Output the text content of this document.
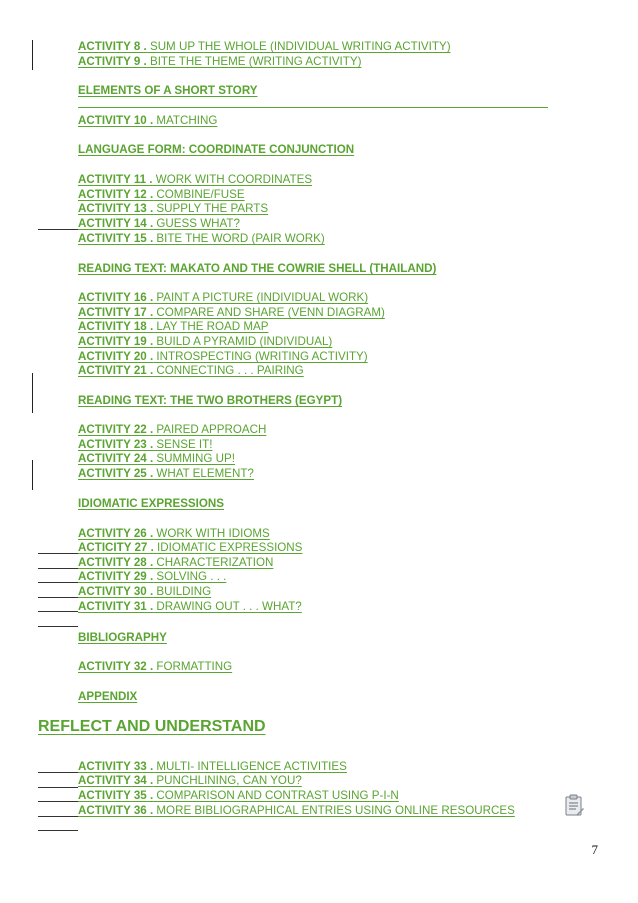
ACTIVITY 8 . SUM UP THE WHOLE (INDIVIDUAL WRITING ACTIVITY)
ACTIVITY 9 . BITE THE THEME (WRITING ACTIVITY)
ELEMENTS OF A SHORT STORY
ACTIVITY 10 . MATCHING
LANGUAGE FORM: COORDINATE CONJUNCTION
ACTIVITY 11 . WORK WITH COORDINATES
ACTIVITY 12 . COMBINE/FUSE
ACTIVITY 13 . SUPPLY THE PARTS
ACTIVITY 14 . GUESS WHAT?
ACTIVITY 15 . BITE THE WORD (PAIR WORK)
READING TEXT: MAKATO AND THE COWRIE SHELL (THAILAND)
ACTIVITY 16 . PAINT A PICTURE (INDIVIDUAL WORK)
ACTIVITY 17 . COMPARE AND SHARE (VENN DIAGRAM)
ACTIVITY 18 . LAY THE ROAD MAP
ACTIVITY 19 . BUILD A PYRAMID (INDIVIDUAL)
ACTIVITY 20 . INTROSPECTING (WRITING ACTIVITY)
ACTIVITY 21 . CONNECTING . . . PAIRING
READING TEXT: THE TWO BROTHERS (EGYPT)
ACTIVITY 22 . PAIRED APPROACH
ACTIVITY 23 . SENSE IT!
ACTIVITY 24 . SUMMING UP!
ACTIVITY 25 . WHAT ELEMENT?
IDIOMATIC EXPRESSIONS
ACTIVITY 26 . WORK WITH IDIOMS
ACTICITY 27 . IDIOMATIC EXPRESSIONS
ACTIVITY 28 . CHARACTERIZATION
ACTIVITY 29 . SOLVING . . .
ACTIVITY 30 . BUILDING
ACTIVITY 31 . DRAWING OUT . . . WHAT?
BIBLIOGRAPHY
ACTIVITY 32 . FORMATTING
APPENDIX
REFLECT AND UNDERSTAND
ACTIVITY 33 . MULTI- INTELLIGENCE ACTIVITIES
ACTIVITY 34 . PUNCHLINING, CAN YOU?
ACTIVITY 35 . COMPARISON AND CONTRAST USING P-I-N
ACTIVITY 36 . MORE BIBLIOGRAPHICAL ENTRIES USING ONLINE RESOURCES
7
